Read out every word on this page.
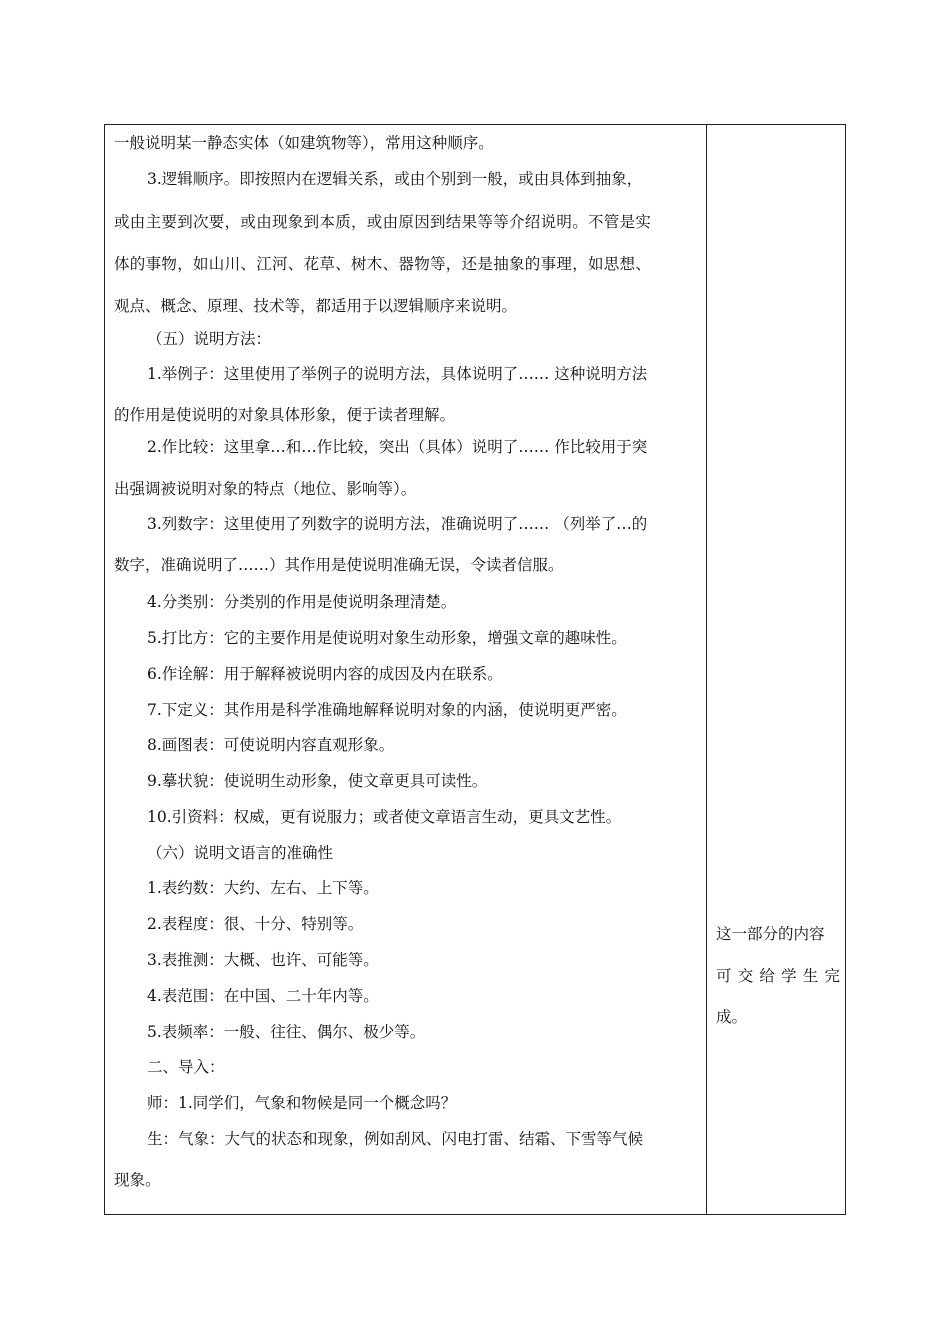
一般说明某一静态实体（如建筑物等），常用这种顺序。
3.逻辑顺序。即按照内在逻辑关系，或由个别到一般，或由具体到抽象，
或由主要到次要，或由现象到本质，或由原因到结果等等介绍说明。不管是实
体的事物，如山川、江河、花草、树木、器物等，还是抽象的事理，如思想、
观点、概念、原理、技术等，都适用于以逻辑顺序来说明。
（五）说明方法：
1.举例子：这里使用了举例子的说明方法，具体说明了…… 这种说明方法
的作用是使说明的对象具体形象，便于读者理解。
2.作比较：这里拿…和…作比较，突出（具体）说明了…… 作比较用于突
出强调被说明对象的特点（地位、影响等）。
3.列数字：这里使用了列数字的说明方法，准确说明了…… （列举了…的
数字，准确说明了……）其作用是使说明准确无误，令读者信服。
4.分类别：分类别的作用是使说明条理清楚。
5.打比方：它的主要作用是使说明对象生动形象，增强文章的趣味性。
6.作诠解：用于解释被说明内容的成因及内在联系。
7.下定义：其作用是科学准确地解释说明对象的内涵，使说明更严密。
8.画图表：可使说明内容直观形象。
9.摹状貌：使说明生动形象，使文章更具可读性。
10.引资料：权威，更有说服力；或者使文章语言生动，更具文艺性。
（六）说明文语言的准确性
1.表约数：大约、左右、上下等。
2.表程度：很、十分、特别等。
3.表推测：大概、也许、可能等。
4.表范围：在中国、二十年内等。
5.表频率：一般、往往、偶尔、极少等。
二、导入：
师：1.同学们，气象和物候是同一个概念吗？
生：气象：大气的状态和现象，例如刮风、闪电打雷、结霜、下雪等气候
现象。
这一部分的内容
可交给学生完
成。
